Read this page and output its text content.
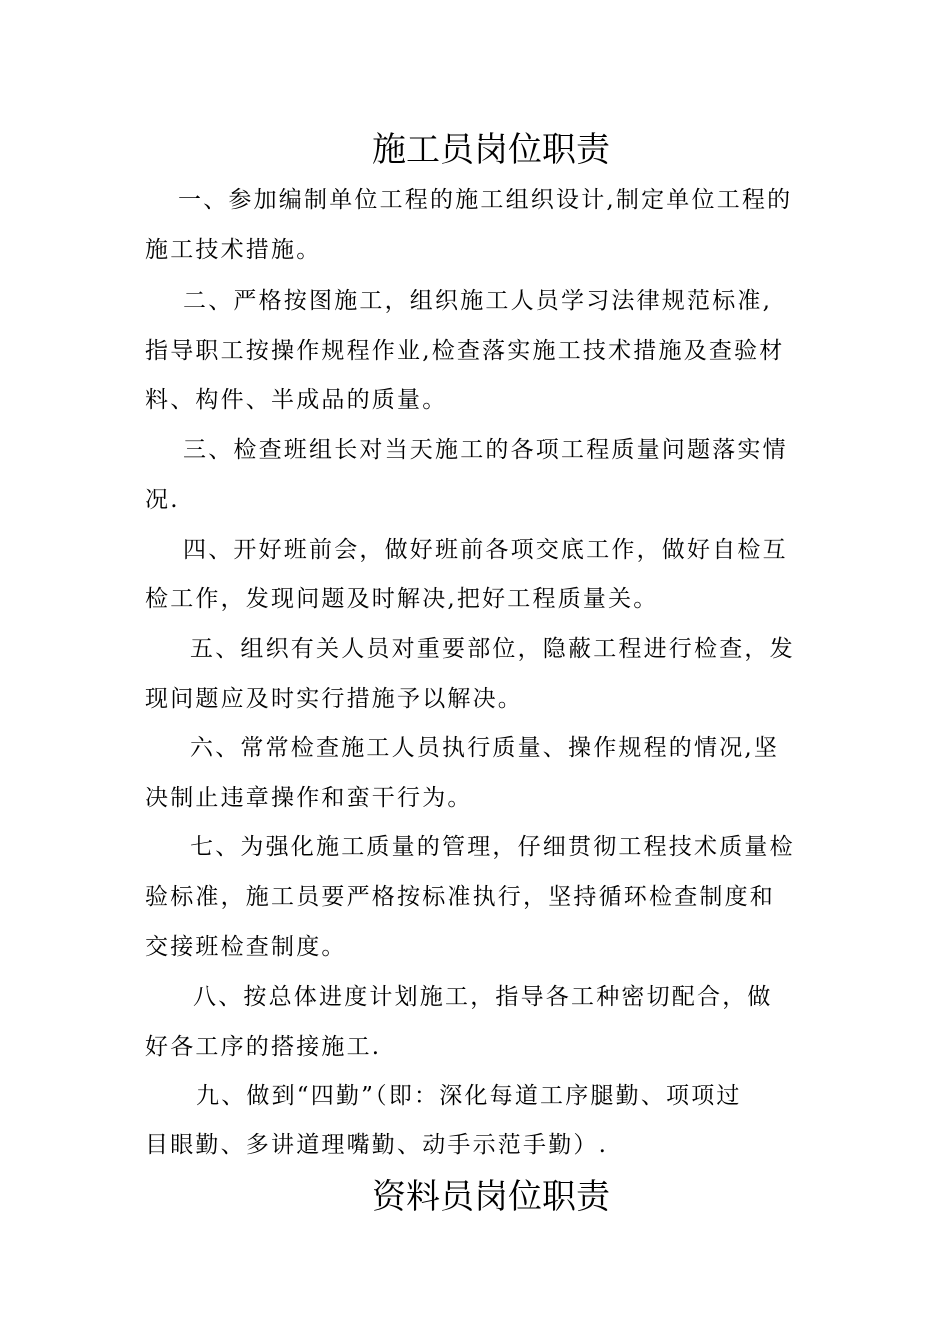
施工员岗位职责
一、参加编制单位工程的施工组织设计,制定单位工程的
施工技术措施。
二、严格按图施工，组织施工人员学习法律规范标准,
指导职工按操作规程作业,检查落实施工技术措施及查验材
料、构件、半成品的质量。
三、检查班组长对当天施工的各项工程质量问题落实情
况.
四、开好班前会，做好班前各项交底工作，做好自检互
检工作，发现问题及时解决,把好工程质量关。
五、组织有关人员对重要部位，隐蔽工程进行检查，发
现问题应及时实行措施予以解决。
六、常常检查施工人员执行质量、操作规程的情况,坚
决制止违章操作和蛮干行为。
七、为强化施工质量的管理，仔细贯彻工程技术质量检
验标准，施工员要严格按标准执行，坚持循环检查制度和
交接班检查制度。
八、按总体进度计划施工，指导各工种密切配合，做
好各工序的搭接施工.
九、做到“四勤”（即：深化每道工序腿勤、项项过
目眼勤、多讲道理嘴勤、动手示范手勤）.
资料员岗位职责
